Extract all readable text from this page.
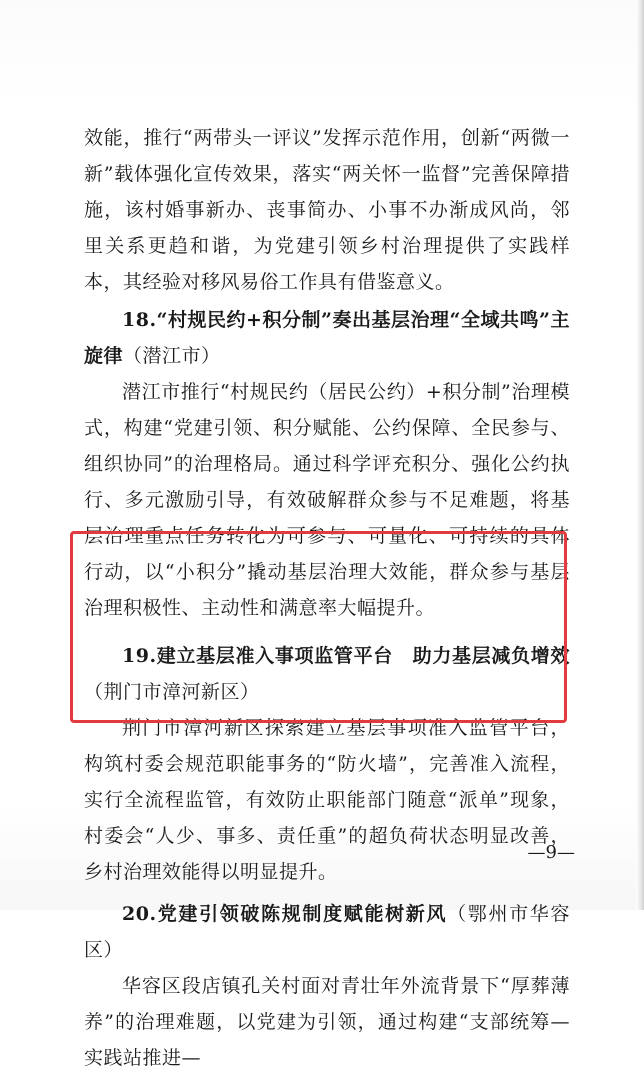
效能，推行“两带头一评议”发挥示范作用，创新“两微一新”载体强化宣传效果，落实“两关怀一监督”完善保障措施，该村婚事新办、丧事简办、小事不办渐成风尚，邻里关系更趋和谐，为党建引领乡村治理提供了实践样本，其经验对移风易俗工作具有借鉴意义。

18.“村规民约+积分制”奏出基层治理“全域共鸣”主旋律（潜江市）

潜江市推行“村规民约（居民公约）+积分制”治理模式，构建“党建引领、积分赋能、公约保障、全民参与、组织协同”的治理格局。通过科学评充积分、强化公约执行、多元激励引导，有效破解群众参与不足难题，将基层治理重点任务转化为可参与、可量化、可持续的具体行动，以“小积分”撬动基层治理大效能，群众参与基层治理积极性、主动性和满意率大幅提升。

19.建立基层准入事项监管平台　助力基层减负增效（荆门市漳河新区）

荆门市漳河新区探索建立基层事项准入监管平台，构筑村委会规范职能事务的“防火墙”，完善准入流程，实行全流程监管，有效防止职能部门随意“派单”现象，村委会“人少、事多、责任重”的超负荷状态明显改善，乡村治理效能得以明显提升。

20.党建引领破陈规制度赋能树新风（鄂州市华容区）

华容区段店镇孔关村面对青壮年外流背景下“厚葬薄养”的治理难题，以党建为引领，通过构建“支部统筹—实践站推进—

—9—
